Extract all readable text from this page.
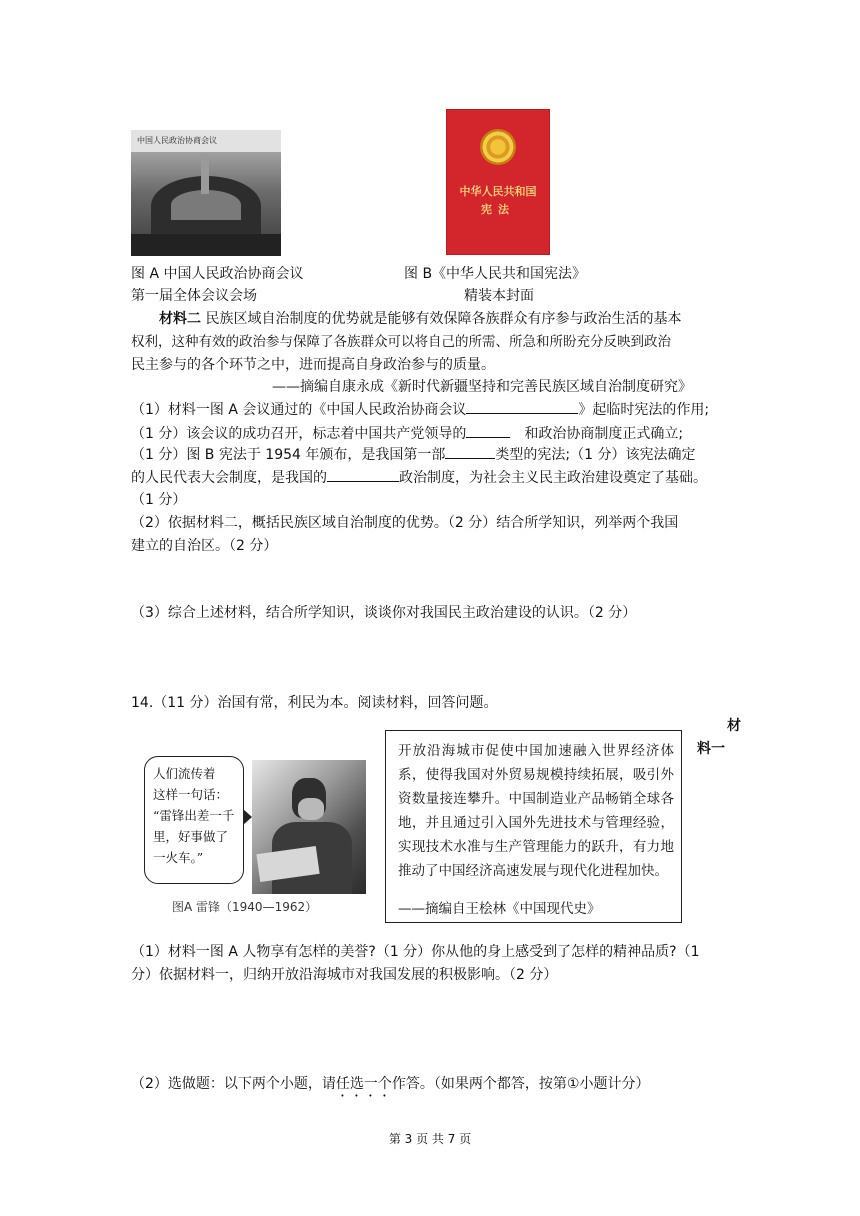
中国人民政治协商会议
中华人民共和国
宪法
图 A 中国人民政治协商会议	图 B《中华人民共和国宪法》
第一届全体会议会场	精装本封面
材料二 民族区域自治制度的优势就是能够有效保障各族群众有序参与政治生活的基本
权利，这种有效的政治参与保障了各族群众可以将自己的所需、所急和所盼充分反映到政治
民主参与的各个环节之中，进而提高自身政治参与的质量。
——摘编自康永成《新时代新疆坚持和完善民族区域自治制度研究》
（1）材料一图 A 会议通过的《中国人民政治协商会议	》起临时宪法的作用;
（1 分）该会议的成功召开，标志着中国共产党领导的	和政治协商制度正式确立;
（1 分）图 B 宪法于 1954 年颁布，是我国第一部	类型的宪法;（1 分）该宪法确定
的人民代表大会制度，是我国的	政治制度，为社会主义民主政治建设奠定了基础。
（1 分）
（2）依据材料二，概括民族区域自治制度的优势。（2 分）结合所学知识，列举两个我国
建立的自治区。（2 分）
（3）综合上述材料，结合所学知识，谈谈你对我国民主政治建设的认识。（2 分）
14.（11 分）治国有常，利民为本。阅读材料，回答问题。
材
料一
人们流传着
这样一句话：
“雷锋出差一千里，好事做了一火车。”
图A 雷锋（1940—1962）
开放沿海城市促使中国加速融入世界经济体系，使得我国对外贸易规模持续拓展，吸引外资数量接连攀升。中国制造业产品畅销全球各地，并且通过引入国外先进技术与管理经验，实现技术水准与生产管理能力的跃升，有力地推动了中国经济高速发展与现代化进程加快。
——摘编自王桧林《中国现代史》
（1）材料一图 A 人物享有怎样的美誉?（1 分）你从他的身上感受到了怎样的精神品质?（1
分）依据材料一，归纳开放沿海城市对我国发展的积极影响。（2 分）
（2）选做题：以下两个小题，请任选一个作答。（如果两个都答，按第①小题计分）
第 3 页 共 7 页
